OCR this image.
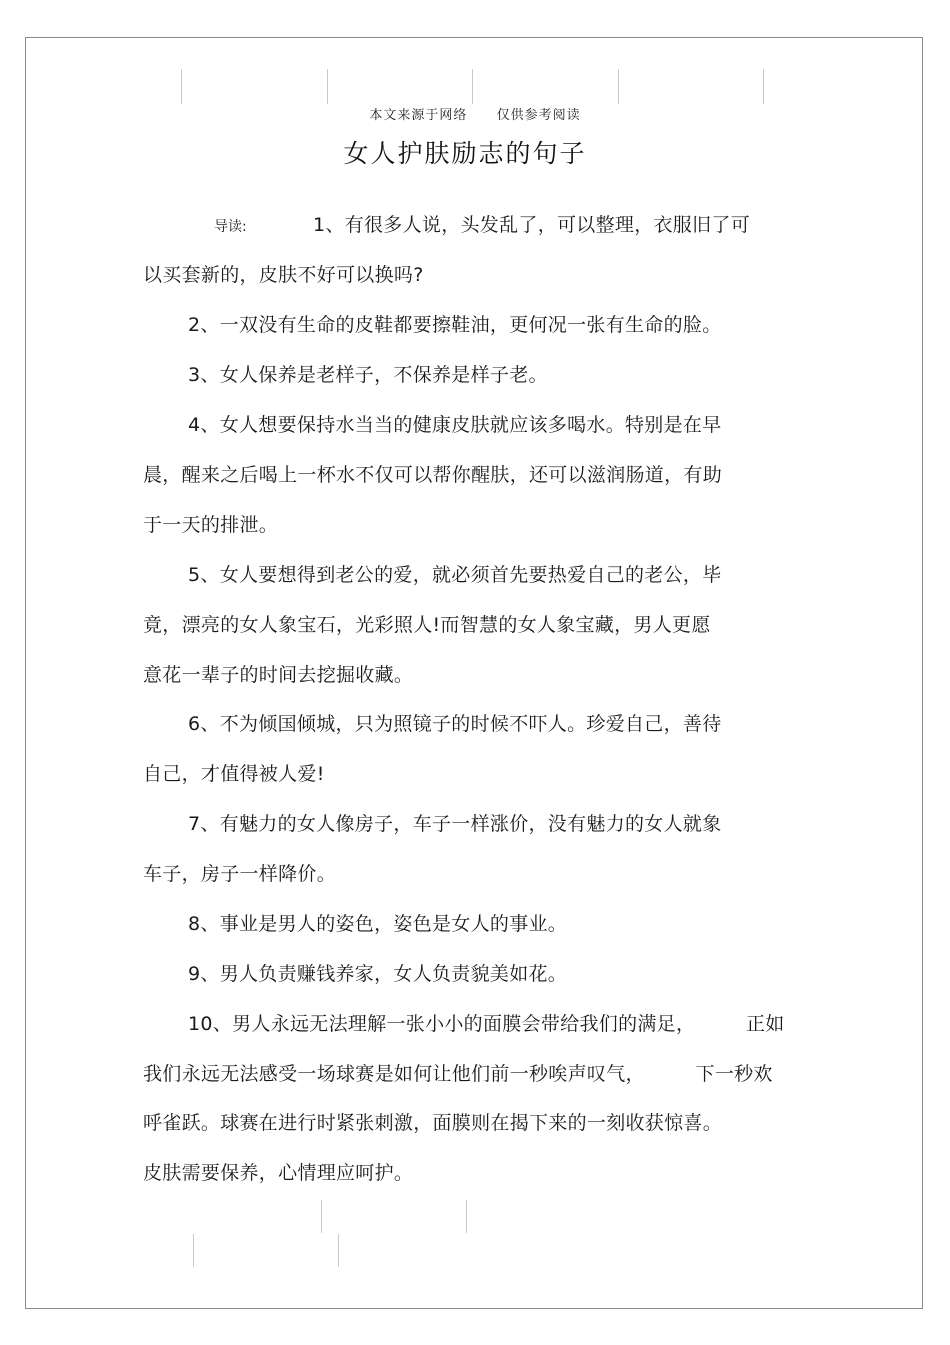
本文来源于网络 仅供参考阅读
女人护肤励志的句子
导读:	1、有很多人说，头发乱了，可以整理，衣服旧了可
以买套新的，皮肤不好可以换吗?
2、一双没有生命的皮鞋都要擦鞋油，更何况一张有生命的脸。
3、女人保养是老样子，不保养是样子老。
4、女人想要保持水当当的健康皮肤就应该多喝水。特别是在早
晨，醒来之后喝上一杯水不仅可以帮你醒肤，还可以滋润肠道，有助
于一天的排泄。
5、女人要想得到老公的爱，就必须首先要热爱自己的老公，毕
竟，漂亮的女人象宝石，光彩照人!而智慧的女人象宝藏，男人更愿
意花一辈子的时间去挖掘收藏。
6、不为倾国倾城，只为照镜子的时候不吓人。珍爱自己，善待
自己，才值得被人爱!
7、有魅力的女人像房子，车子一样涨价，没有魅力的女人就象
车子，房子一样降价。
8、事业是男人的姿色，姿色是女人的事业。
9、男人负责赚钱养家，女人负责貌美如花。
10、男人永远无法理解一张小小的面膜会带给我们的满足，        正如
我们永远无法感受一场球赛是如何让他们前一秒唉声叹气，        下一秒欢
呼雀跃。球赛在进行时紧张刺激，面膜则在揭下来的一刻收获惊喜。
皮肤需要保养，心情理应呵护。
